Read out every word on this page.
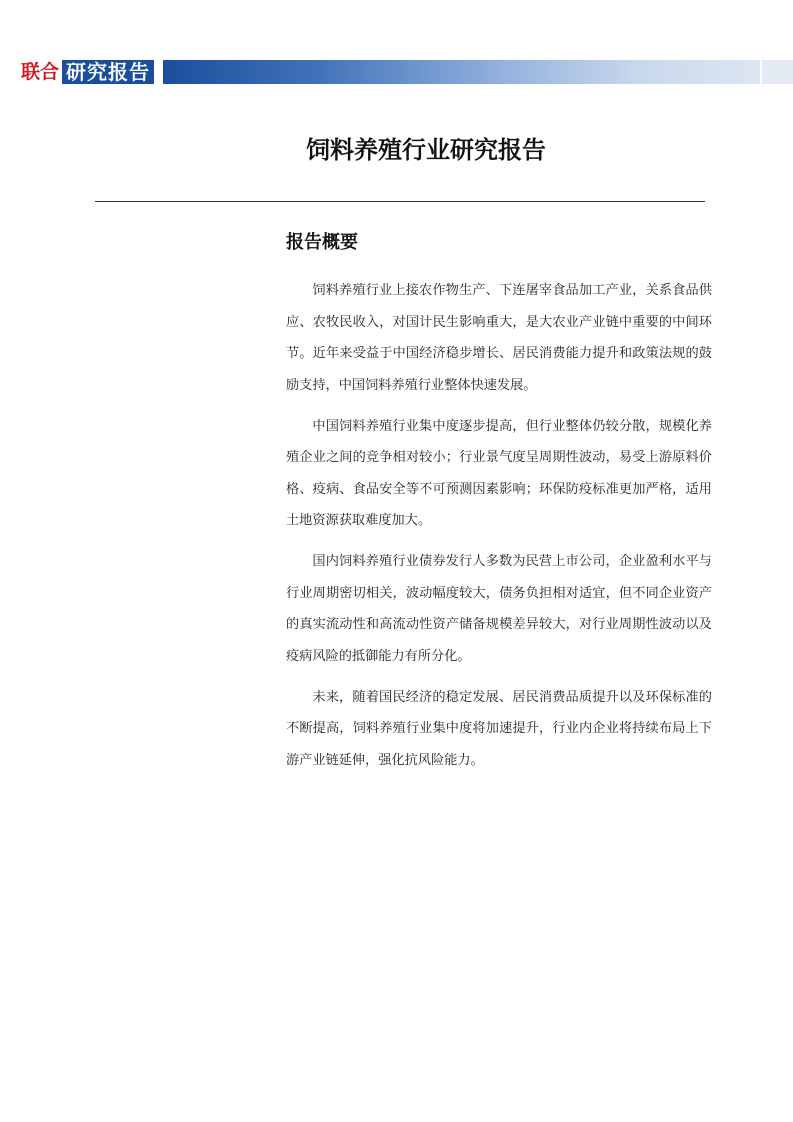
联合 研究报告
饲料养殖行业研究报告
报告概要

饲料养殖行业上接农作物生产、下连屠宰食品加工产业，关系食品供应、农牧民收入，对国计民生影响重大，是大农业产业链中重要的中间环节。近年来受益于中国经济稳步增长、居民消费能力提升和政策法规的鼓励支持，中国饲料养殖行业整体快速发展。

中国饲料养殖行业集中度逐步提高，但行业整体仍较分散，规模化养殖企业之间的竞争相对较小；行业景气度呈周期性波动，易受上游原料价格、疫病、食品安全等不可预测因素影响；环保防疫标准更加严格，适用土地资源获取难度加大。

国内饲料养殖行业债券发行人多数为民营上市公司，企业盈利水平与行业周期密切相关，波动幅度较大，债务负担相对适宜，但不同企业资产的真实流动性和高流动性资产储备规模差异较大，对行业周期性波动以及疫病风险的抵御能力有所分化。

未来，随着国民经济的稳定发展、居民消费品质提升以及环保标准的不断提高，饲料养殖行业集中度将加速提升，行业内企业将持续布局上下游产业链延伸，强化抗风险能力。
